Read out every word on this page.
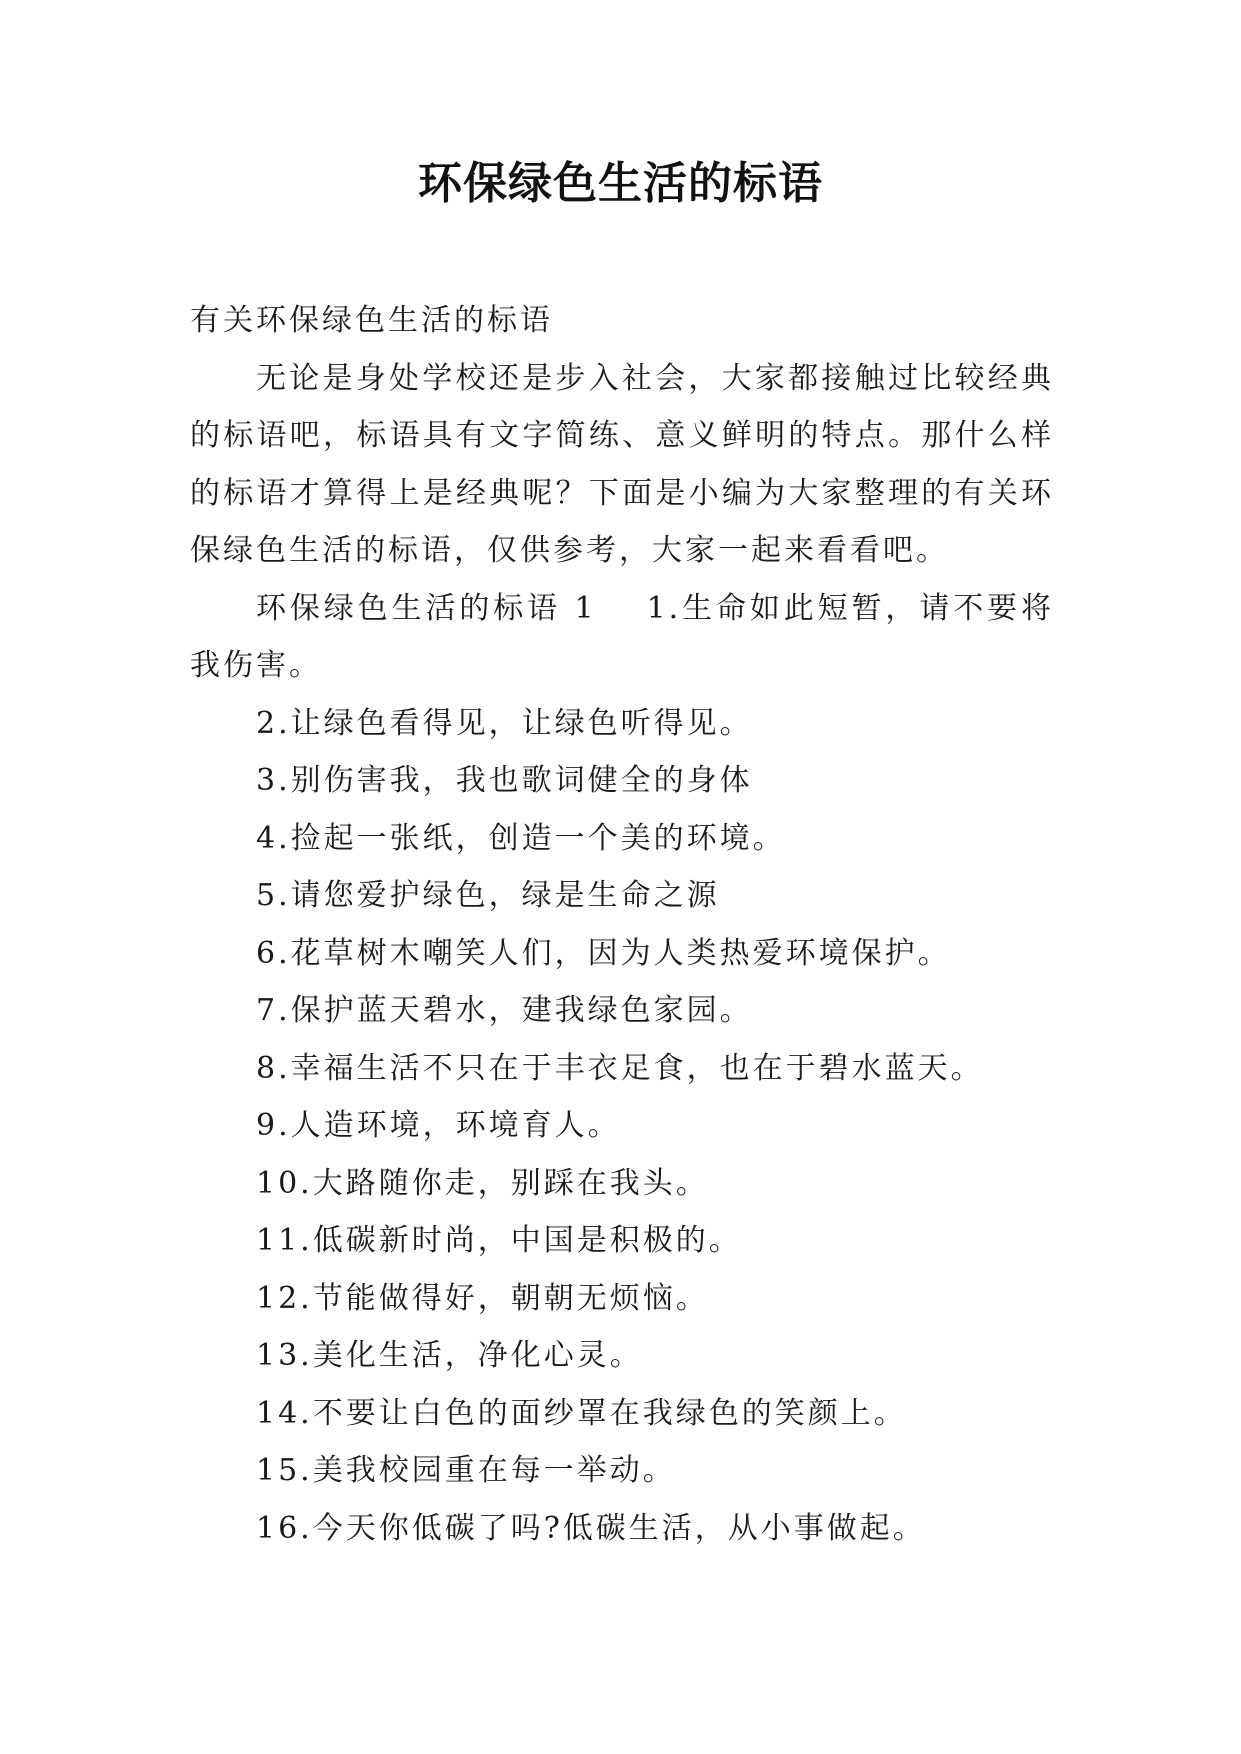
环保绿色生活的标语

有关环保绿色生活的标语

无论是身处学校还是步入社会，大家都接触过比较经典的标语吧，标语具有文字简练、意义鲜明的特点。那什么样的标语才算得上是经典呢？下面是小编为大家整理的有关环保绿色生活的标语，仅供参考，大家一起来看看吧。

环保绿色生活的标语 1 1.生命如此短暂，请不要将我伤害。

2.让绿色看得见，让绿色听得见。

3.别伤害我，我也歌词健全的身体

4.捡起一张纸，创造一个美的环境。

5.请您爱护绿色，绿是生命之源

6.花草树木嘲笑人们，因为人类热爱环境保护。

7.保护蓝天碧水，建我绿色家园。

8.幸福生活不只在于丰衣足食，也在于碧水蓝天。

9.人造环境，环境育人。

10.大路随你走，别踩在我头。

11.低碳新时尚，中国是积极的。

12.节能做得好，朝朝无烦恼。

13.美化生活，净化心灵。

14.不要让白色的面纱罩在我绿色的笑颜上。

15.美我校园重在每一举动。

16.今天你低碳了吗?低碳生活，从小事做起。
